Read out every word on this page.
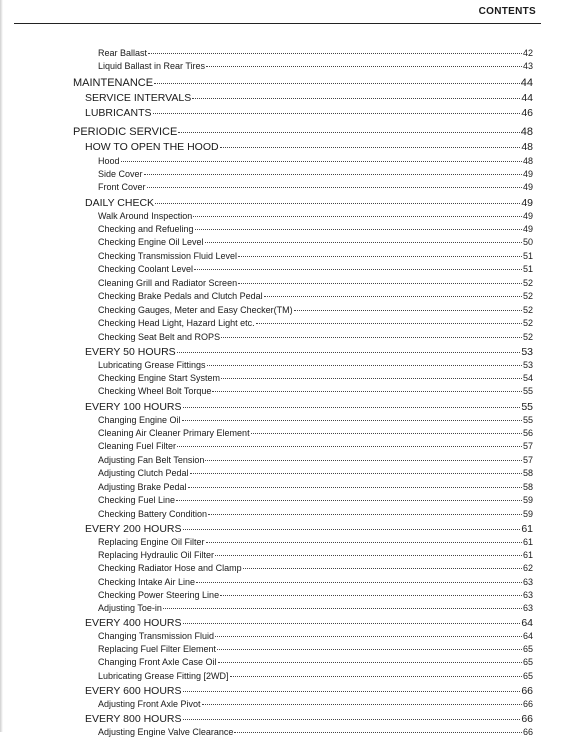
CONTENTS
Rear Ballast	42
Liquid Ballast in Rear Tires	43
MAINTENANCE	44
SERVICE INTERVALS	44
LUBRICANTS	46
PERIODIC SERVICE	48
HOW TO OPEN THE HOOD	48
Hood	48
Side Cover	49
Front Cover	49
DAILY CHECK	49
Walk Around Inspection	49
Checking and Refueling	49
Checking Engine Oil Level	50
Checking Transmission Fluid Level	51
Checking Coolant Level	51
Cleaning Grill and Radiator Screen	52
Checking Brake Pedals and Clutch Pedal	52
Checking Gauges, Meter and Easy Checker(TM)	52
Checking Head Light, Hazard Light etc.	52
Checking Seat Belt and ROPS	52
EVERY 50 HOURS	53
Lubricating Grease Fittings	53
Checking Engine Start System	54
Checking Wheel Bolt Torque	55
EVERY 100 HOURS	55
Changing Engine Oil	55
Cleaning Air Cleaner Primary Element	56
Cleaning Fuel Filter	57
Adjusting Fan Belt Tension	57
Adjusting Clutch Pedal	58
Adjusting Brake Pedal	58
Checking Fuel Line	59
Checking Battery Condition	59
EVERY 200 HOURS	61
Replacing Engine Oil Filter	61
Replacing Hydraulic Oil Filter	61
Checking Radiator Hose and Clamp	62
Checking Intake Air Line	63
Checking Power Steering Line	63
Adjusting Toe-in	63
EVERY 400 HOURS	64
Changing Transmission Fluid	64
Replacing Fuel Filter Element	65
Changing Front Axle Case Oil	65
Lubricating Grease Fitting [2WD]	65
EVERY 600 HOURS	66
Adjusting Front Axle Pivot	66
EVERY 800 HOURS	66
Adjusting Engine Valve Clearance	66
